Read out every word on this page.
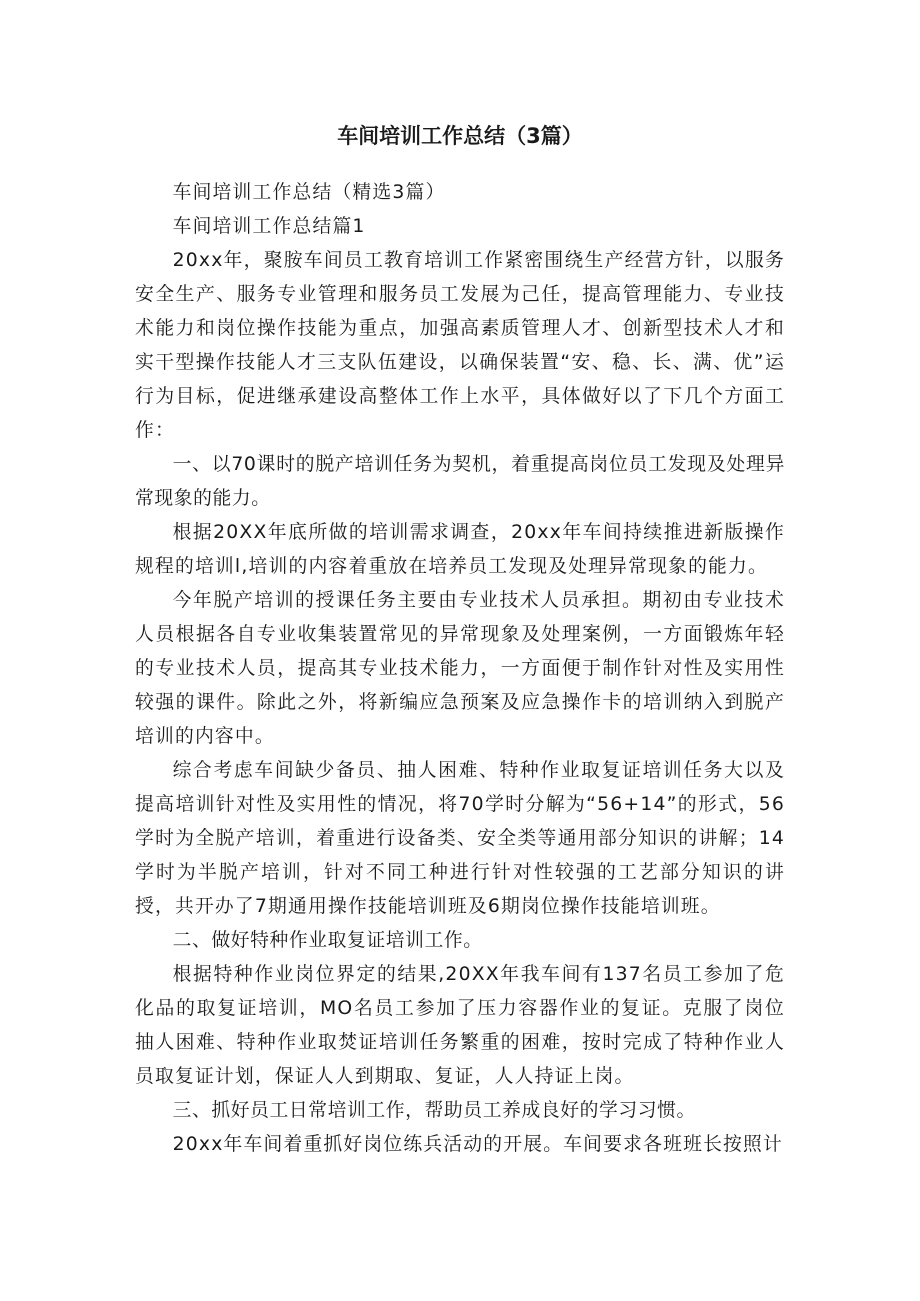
车间培训工作总结（3篇）

车间培训工作总结（精选3篇）

车间培训工作总结篇1

20xx年，聚胺车间员工教育培训工作紧密围绕生产经营方针，以服务安全生产、服务专业管理和服务员工发展为己任，提高管理能力、专业技术能力和岗位操作技能为重点，加强高素质管理人才、创新型技术人才和实干型操作技能人才三支队伍建设，以确保装置“安、稳、长、满、优”运行为目标，促进继承建设高整体工作上水平，具体做好以了下几个方面工作：

一、以70课时的脱产培训任务为契机，着重提高岗位员工发现及处理异常现象的能力。

根据20XX年底所做的培训需求调查，20xx年车间持续推进新版操作规程的培训l,培训的内容着重放在培养员工发现及处理异常现象的能力。

今年脱产培训的授课任务主要由专业技术人员承担。期初由专业技术人员根据各自专业收集装置常见的异常现象及处理案例，一方面锻炼年轻的专业技术人员，提高其专业技术能力，一方面便于制作针对性及实用性较强的课件。除此之外，将新编应急预案及应急操作卡的培训纳入到脱产培训的内容中。

综合考虑车间缺少备员、抽人困难、特种作业取复证培训任务大以及提高培训针对性及实用性的情况，将70学时分解为“56+14”的形式，56学时为全脱产培训，着重进行设备类、安全类等通用部分知识的讲解；14学时为半脱产培训，针对不同工种进行针对性较强的工艺部分知识的讲授，共开办了7期通用操作技能培训班及6期岗位操作技能培训班。

二、做好特种作业取复证培训工作。

根据特种作业岗位界定的结果,20XX年我车间有137名员工参加了危化品的取复证培训，MO名员工参加了压力容器作业的复证。克服了岗位抽人困难、特种作业取焚证培训任务繁重的困难，按时完成了特种作业人员取复证计划，保证人人到期取、复证，人人持证上岗。

三、抓好员工日常培训工作，帮助员工养成良好的学习习惯。

20xx年车间着重抓好岗位练兵活动的开展。车间要求各班班长按照计
